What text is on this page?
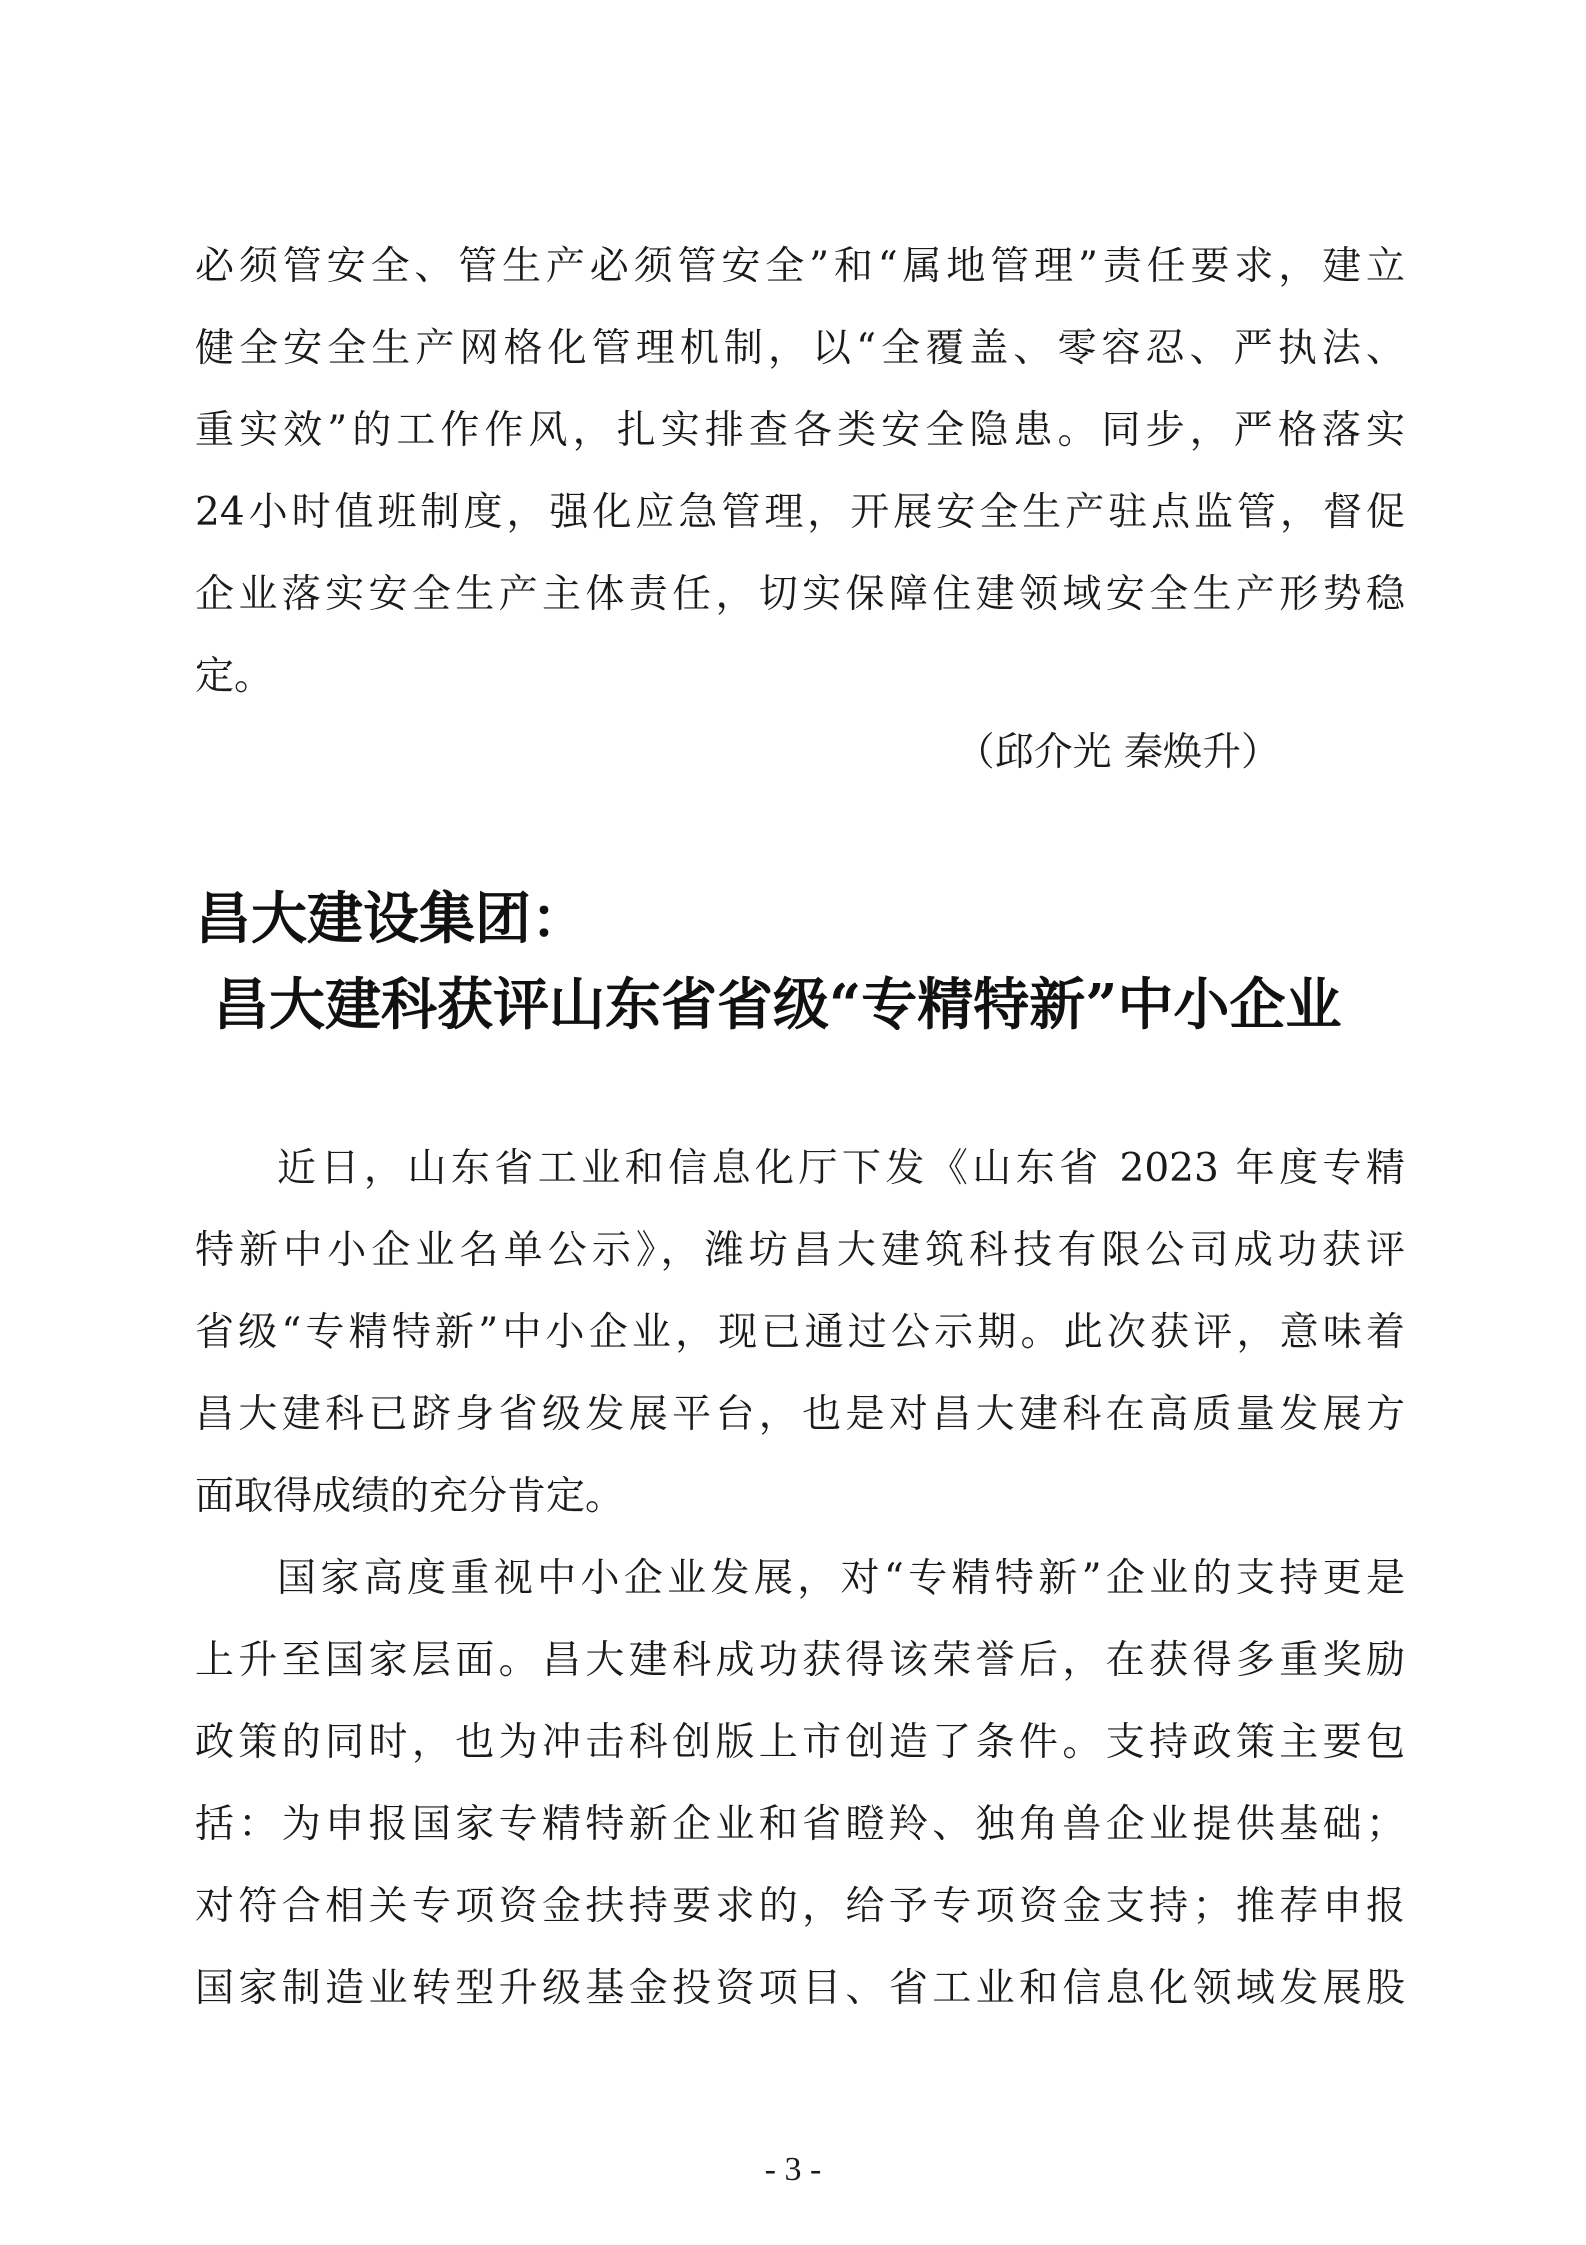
必须管安全、管生产必须管安全”和“属地管理”责任要求，建立
健全安全生产网格化管理机制，以“全覆盖、零容忍、严执法、
重实效”的工作作风，扎实排查各类安全隐患。同步，严格落实
24小时值班制度，强化应急管理，开展安全生产驻点监管，督促
企业落实安全生产主体责任，切实保障住建领域安全生产形势稳
定。
（邱介光 秦焕升）
昌大建设集团：
昌大建科获评山东省省级“专精特新”中小企业
近日，山东省工业和信息化厅下发《山东省 2023 年度专精
特新中小企业名单公示》，潍坊昌大建筑科技有限公司成功获评
省级“专精特新”中小企业，现已通过公示期。此次获评，意味着
昌大建科已跻身省级发展平台，也是对昌大建科在高质量发展方
面取得成绩的充分肯定。
国家高度重视中小企业发展，对“专精特新”企业的支持更是
上升至国家层面。昌大建科成功获得该荣誉后，在获得多重奖励
政策的同时，也为冲击科创版上市创造了条件。支持政策主要包
括：为申报国家专精特新企业和省瞪羚、独角兽企业提供基础；
对符合相关专项资金扶持要求的，给予专项资金支持；推荐申报
国家制造业转型升级基金投资项目、省工业和信息化领域发展股
- 3 -
